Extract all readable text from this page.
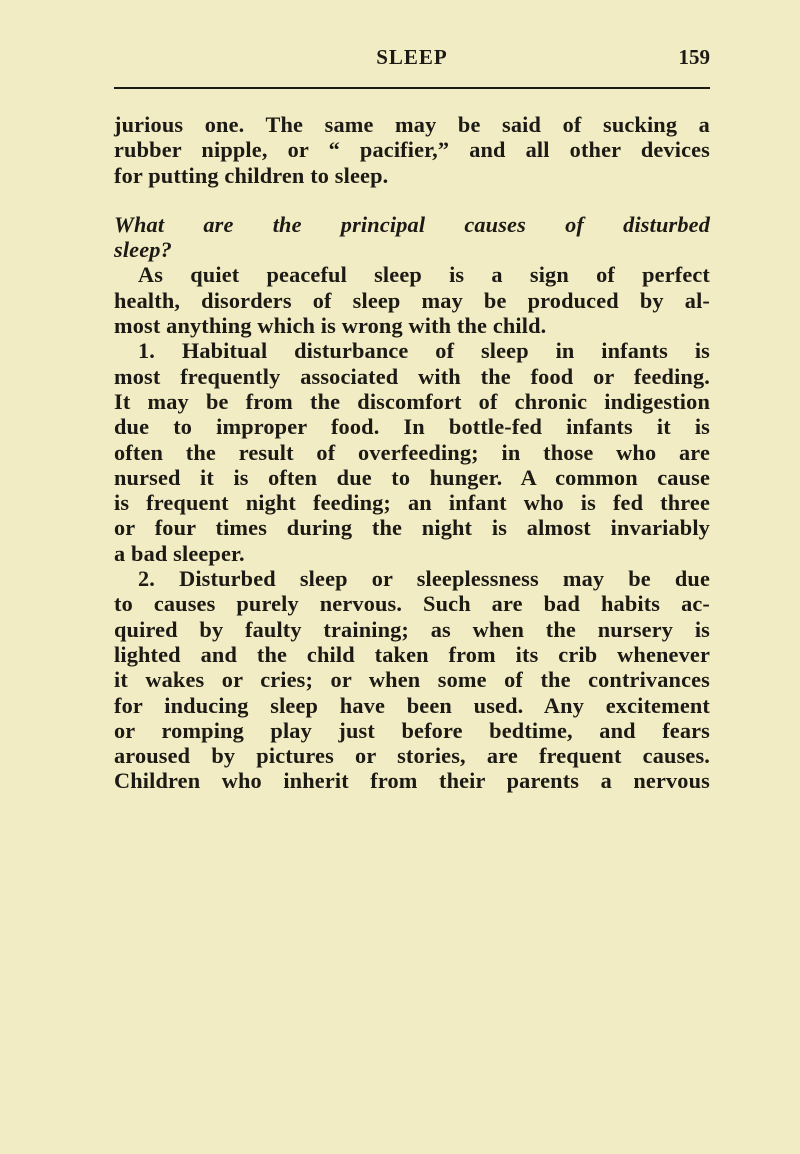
SLEEP	159

jurious one. The same may be said of sucking a

rubber nipple, or “ pacifier,” and all other devices

for putting children to sleep.

What are the principal causes of disturbed

sleep?

As quiet peaceful sleep is a sign of perfect

health, disorders of sleep may be produced by al-

most anything which is wrong with the child.

1. Habitual disturbance of sleep in infants is

most frequently associated with the food or feeding.

It may be from the discomfort of chronic indigestion

due to improper food. In bottle-fed infants it is

often the result of overfeeding; in those who are

nursed it is often due to hunger. A common cause

is frequent night feeding; an infant who is fed three

or four times during the night is almost invariably

a bad sleeper.

2. Disturbed sleep or sleeplessness may be due

to causes purely nervous. Such are bad habits ac-

quired by faulty training; as when the nursery is

lighted and the child taken from its crib whenever

it wakes or cries; or when some of the contrivances

for inducing sleep have been used. Any excitement

or romping play just before bedtime, and fears

aroused by pictures or stories, are frequent causes.

Children who inherit from their parents a nervous
